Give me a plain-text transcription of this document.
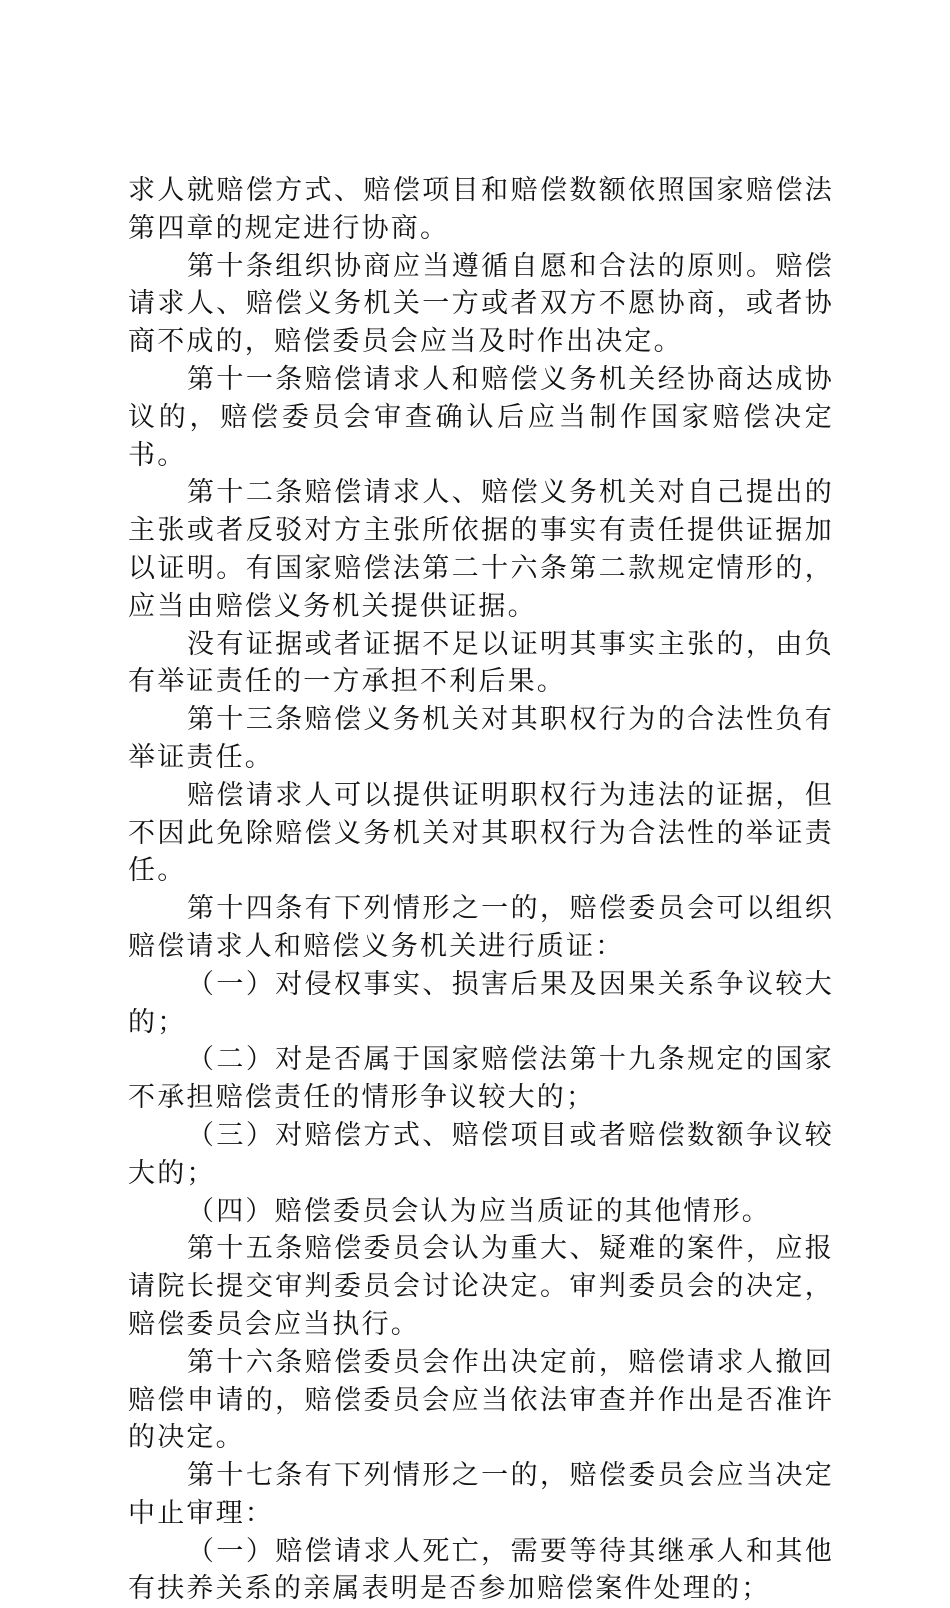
求人就赔偿方式、赔偿项目和赔偿数额依照国家赔偿法第四章的规定进行协商。

第十条组织协商应当遵循自愿和合法的原则。赔偿请求人、赔偿义务机关一方或者双方不愿协商，或者协商不成的，赔偿委员会应当及时作出决定。

第十一条赔偿请求人和赔偿义务机关经协商达成协议的，赔偿委员会审查确认后应当制作国家赔偿决定书。

第十二条赔偿请求人、赔偿义务机关对自己提出的主张或者反驳对方主张所依据的事实有责任提供证据加以证明。有国家赔偿法第二十六条第二款规定情形的，应当由赔偿义务机关提供证据。

没有证据或者证据不足以证明其事实主张的，由负有举证责任的一方承担不利后果。

第十三条赔偿义务机关对其职权行为的合法性负有举证责任。

赔偿请求人可以提供证明职权行为违法的证据，但不因此免除赔偿义务机关对其职权行为合法性的举证责任。

第十四条有下列情形之一的，赔偿委员会可以组织赔偿请求人和赔偿义务机关进行质证：

（一）对侵权事实、损害后果及因果关系争议较大的；

（二）对是否属于国家赔偿法第十九条规定的国家不承担赔偿责任的情形争议较大的；

（三）对赔偿方式、赔偿项目或者赔偿数额争议较大的；

（四）赔偿委员会认为应当质证的其他情形。

第十五条赔偿委员会认为重大、疑难的案件，应报请院长提交审判委员会讨论决定。审判委员会的决定，赔偿委员会应当执行。

第十六条赔偿委员会作出决定前，赔偿请求人撤回赔偿申请的，赔偿委员会应当依法审查并作出是否准许的决定。

第十七条有下列情形之一的，赔偿委员会应当决定中止审理：

（一）赔偿请求人死亡，需要等待其继承人和其他有扶养关系的亲属表明是否参加赔偿案件处理的；
